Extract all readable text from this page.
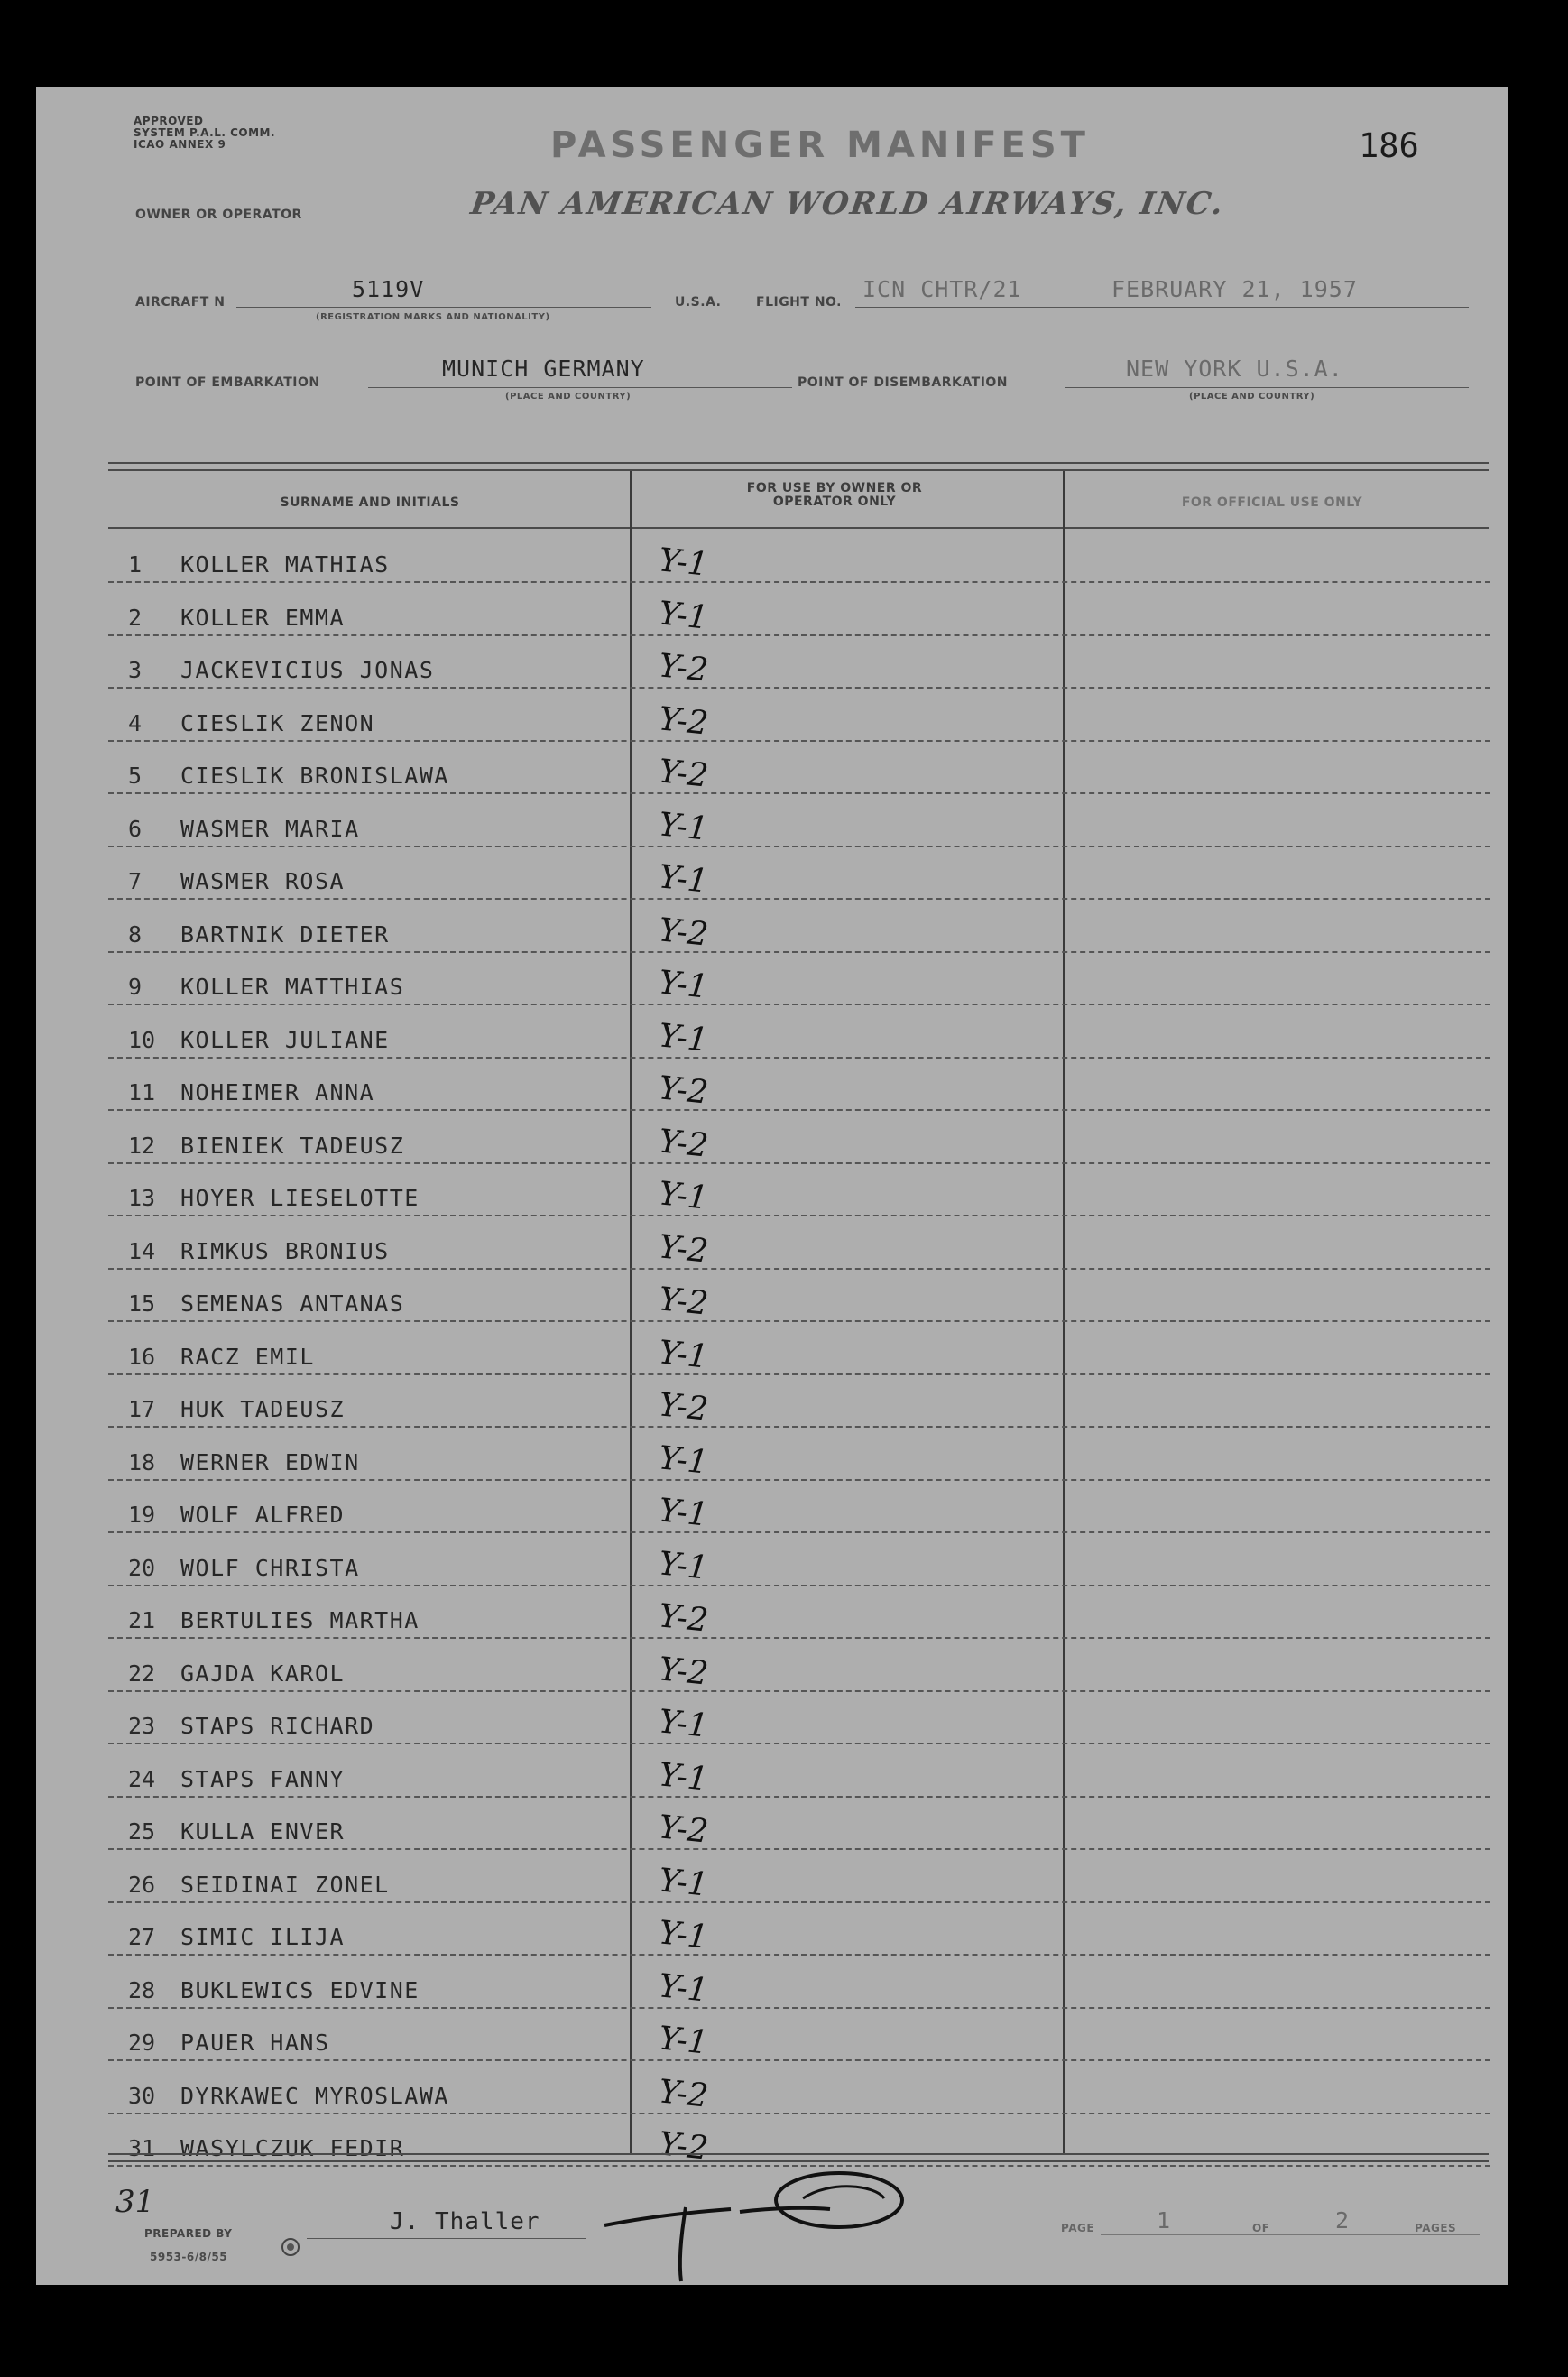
APPROVED
SYSTEM P.A.L. COMM.
ICAO ANNEX 9	PASSENGER MANIFEST	186
OWNER OR OPERATOR	PAN AMERICAN WORLD AIRWAYS, INC.
AIRCRAFT N	5119V
(REGISTRATION MARKS AND NATIONALITY)
U.S.A.	FLIGHT NO. ICN CHTR/21	FEBRUARY 21, 1957
POINT OF EMBARKATION
MUNICH GERMANY
(PLACE AND COUNTRY)
POINT OF DISEMBARKATION
NEW YORK U.S.A.
(PLACE AND COUNTRY)
SURNAME AND INITIALS
FOR USE BY OWNER OR OPERATOR ONLY	FOR OFFICIAL USE ONLY
1	KOLLER MATHIAS	Y-1
2	KOLLER EMMA	Y-1
3	JACKEVICIUS JONAS	Y-2
4	CIESLIK ZENON	Y-2
5	CIESLIK BRONISLAWA	Y-2
6	WASMER MARIA	Y-1
7	WASMER ROSA	Y-1
8	BARTNIK DIETER	Y-2
9	KOLLER MATTHIAS	Y-1
10	KOLLER JULIANE	Y-1
11	NOHEIMER ANNA	Y-2
12	BIENIEK TADEUSZ	Y-2
13	HOYER LIESELOTTE	Y-1
14	RIMKUS BRONIUS	Y-2
15	SEMENAS ANTANAS	Y-2
16	RACZ EMIL	Y-1
17	HUK TADEUSZ	Y-2
18	WERNER EDWIN	Y-1
19	WOLF ALFRED	Y-1
20	WOLF CHRISTA	Y-1
21	BERTULIES MARTHA	Y-2
22	GAJDA KAROL	Y-2
23	STAPS RICHARD	Y-1
24	STAPS FANNY	Y-1
25	KULLA ENVER	Y-2
26	SEIDINAI ZONEL	Y-1
27	SIMIC ILIJA	Y-1
28	BUKLEWICS EDVINE	Y-1
29	PAUER HANS	Y-1
30	DYRKAWEC MYROSLAWA	Y-2
31	WASYLCZUK FEDIR	Y-2
31
PREPARED BY	J. Thaller
5953-6/8/55
PAGE	1	OF	2	PAGES
